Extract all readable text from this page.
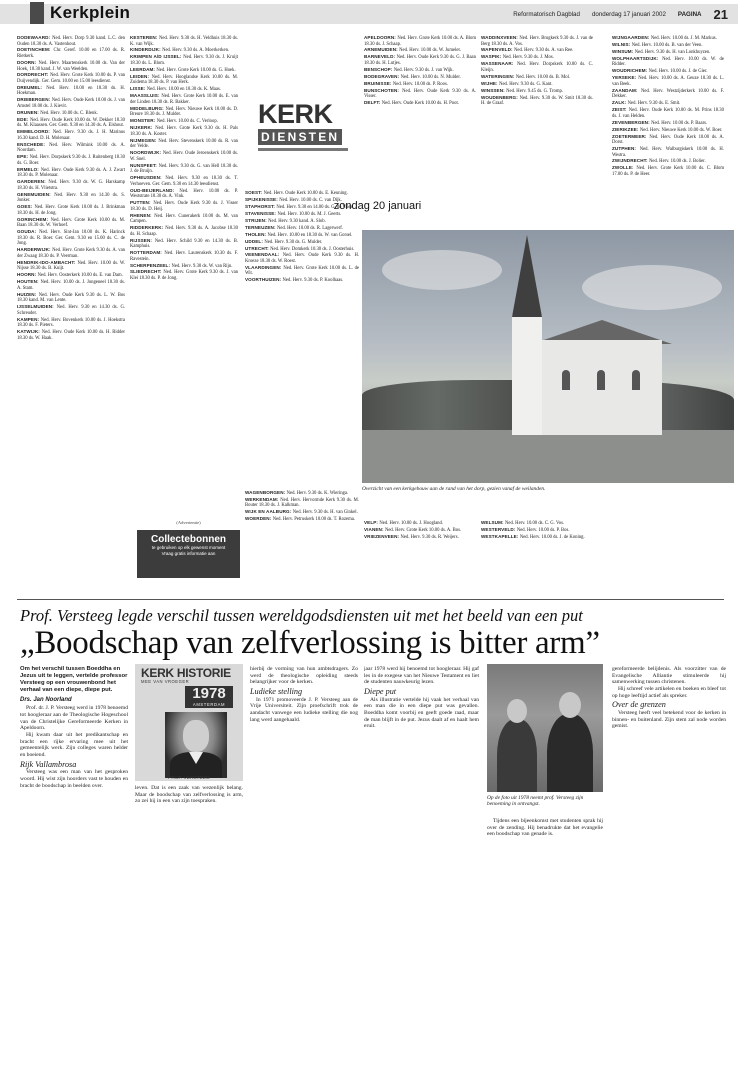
Kerkplein	Reformatorisch Dagblad donderdag 17 januari 2002 PAGINA 21

DODEWAARD: Ned. Herv. Dorp 9.30 kand. L.C. den Ouden 18.30 ds. A. Vastenhout.

DOETINCHEM: Chr. Geref. 10.00 en 17.00 ds. R. Rietkerk.

DOORN: Ned. Herv. Maartenskerk 10.00 ds. Van der Hoek, 18.30 kand. J. W. van Weelden.

DORDRECHT: Ned. Herv. Grote Kerk 10.00 ds. P. van Duijvendijk. Ger. Gem. 10.00 en 15.00 leesdienst.

DREUMEL: Ned. Herv. 10.00 en 18.30 ds. H. Hoekman.

DRIEBERGEN: Ned. Herv. Oude Kerk 10.00 ds. J. van Amstel 18.00 ds. J. Kievit.

DRUNEN: Ned. Herv. 10.00 ds. C. Blenk.

EDE: Ned. Herv. Oude Kerk 10.00 ds. W. Dekker 18.30 ds. M. Klaassen. Ger. Gem. 9.30 en 14.30 ds. A. Elshout.

EMMELOORD: Ned. Herv. 9.30 ds. J. H. Marinus 16.30 kand. D. H. Molenaar.

ENSCHEDE: Ned. Herv. Wilmink 10.00 ds. A. Noordam.

EPE: Ned. Herv. Dorpskerk 9.30 ds. J. Ruitenberg 18.30 ds. G. Boer.

ERMELO: Ned. Herv. Oude Kerk 9.30 ds. A. J. Zwart 18.30 ds. P. Molenaar.

GARDEREN: Ned. Herv. 9.30 ds. W. G. Harskamp 18.30 ds. H. Vlietstra.

GENEMUIDEN: Ned. Herv. 9.30 en 14.30 ds. S. Jonker.

GOES: Ned. Herv. Grote Kerk 10.00 ds. J. Brinkman 18.30 ds. H. de Jong.

GORINCHEM: Ned. Herv. Grote Kerk 10.00 ds. M. Baan 18.30 ds. W. Verhoef.

GOUDA: Ned. Herv. Sint-Jan 10.00 ds. K. Harinck 18.30 ds. R. Boer. Ger. Gem. 9.30 en 15.00 ds. C. de Jong.

HARDERWIJK: Ned. Herv. Grote Kerk 9.30 ds. A. van der Zwaag 18.30 ds. P. Veerman.

HENDRIK-IDO-AMBACHT: Ned. Herv. 10.00 ds. W. Nijsse 18.30 ds. B. Kuijt.

HOORN: Ned. Herv. Oosterkerk 10.00 ds. E. van Dam.

HOUTEN: Ned. Herv. 10.00 ds. J. Jongeneel 18.30 ds. A. Stam.

HUIZEN: Ned. Herv. Oude Kerk 9.30 ds. L. W. Bos 18.30 kand. M. van Lente.

IJSSELMUIDEN: Ned. Herv. 9.30 en 14.30 ds. G. Schreuder.

KAMPEN: Ned. Herv. Bovenkerk 10.00 ds. J. Hoekstra 18.30 ds. F. Pieters.

KATWIJK: Ned. Herv. Oude Kerk 10.00 ds. H. Ridder 18.30 ds. W. Haak.

KESTEREN: Ned. Herv. 9.30 ds. H. Veldhuis 18.30 ds. K. van Wijk.

KINDERDIJK: Ned. Herv. 9.30 ds. A. Moerkerken.

KRIMPEN A/D IJSSEL: Ned. Herv. 9.30 ds. J. Kruijt 18.30 ds. L. Blom.

LEERDAM: Ned. Herv. Grote Kerk 10.00 ds. G. Hoek.

LEIDEN: Ned. Herv. Hooglandse Kerk 10.00 ds. M. Zuidema 18.30 ds. P. van Herk.

LISSE: Ned. Herv. 10.00 en 18.30 ds. K. Maas.

MAASSLUIS: Ned. Herv. Grote Kerk 10.00 ds. E. van der Linden 18.30 ds. R. Bakker.

MIDDELBURG: Ned. Herv. Nieuwe Kerk 10.00 ds. D. Breure 18.30 ds. J. Mulder.

MONSTER: Ned. Herv. 10.00 ds. C. Verloop.

NIJKERK: Ned. Herv. Grote Kerk 9.30 ds. H. Pals 18.30 ds. A. Koster.

NIJMEGEN: Ned. Herv. Stevenskerk 10.00 ds. R. van der Velde.

NOORDWIJK: Ned. Herv. Oude Jeroenskerk 10.00 ds. W. Snel.

NUNSPEET: Ned. Herv. 9.30 ds. G. van Hell 18.30 ds. J. de Bruijn.

OPHEUSDEN: Ned. Herv. 9.30 en 18.30 ds. T. Verhoeven. Ger. Gem. 9.30 en 14.30 leesdienst.

OUD-BEIJERLAND: Ned. Herv. 10.00 ds. P. Weststrate 18.30 ds. A. Vink.

PUTTEN: Ned. Herv. Oude Kerk 9.30 ds. J. Visser 18.30 ds. D. Heij.

RHENEN: Ned. Herv. Cunerakerk 10.00 ds. M. van Campen.

RIDDERKERK: Ned. Herv. 9.30 ds. A. Jacobse 18.30 ds. H. Schaap.

RIJSSEN: Ned. Herv. Schild 9.30 en 14.30 ds. B. Kamphuis.

ROTTERDAM: Ned. Herv. Laurenskerk 10.30 ds. F. Ravestein.

SCHERPENZEEL: Ned. Herv. 9.30 ds. W. van Rijn.

SLIEDRECHT: Ned. Herv. Grote Kerk 9.30 ds. J. van Klei 18.30 ds. P. de Jong.

SOEST: Ned. Herv. Oude Kerk 10.00 ds. E. Keuning.

SPIJKENISSE: Ned. Herv. 10.00 ds. C. van Dijk.

STAPHORST: Ned. Herv. 9.30 en 14.00 ds. G. de Vries.

STAVENISSE: Ned. Herv. 10.00 ds. M. J. Geerts.

STRIJEN: Ned. Herv. 9.30 kand. A. Slob.

TERNEUZEN: Ned. Herv. 10.00 ds. R. Lagerwerf.

THOLEN: Ned. Herv. 10.00 en 18.30 ds. W. van Gorsel.

UDDEL: Ned. Herv. 9.30 ds. G. Mulder.

UTRECHT: Ned. Herv. Domkerk 10.30 ds. J. Oosterhuis.

VEENENDAAL: Ned. Herv. Oude Kerk 9.30 ds. H. Kroeze 18.30 ds. W. Roest.

VLAARDINGEN: Ned. Herv. Grote Kerk 10.00 ds. L. de Wit.

VOORTHUIZEN: Ned. Herv. 9.30 ds. P. Koolhaas.

WAGENBORGEN: Ned. Herv. 9.30 ds. K. Wieringa.

WERKENDAM: Ned. Herv. Hervormde Kerk 9.30 ds. M. Bouter 18.30 ds. J. Kalkman.

WIJK EN AALBURG: Ned. Herv. 9.30 ds. H. van Ginkel.

WOERDEN: Ned. Herv. Petruskerk 10.00 ds. T. Rozema.

APELDOORN: Ned. Herv. Grote Kerk 10.00 ds. A. Blom 18.30 ds. J. Schaap.

ARNEMUIDEN: Ned. Herv. 10.00 ds. W. Jumelet.

BARNEVELD: Ned. Herv. Oude Kerk 9.30 ds. G. J. Baan 18.30 ds. H. Lutjes.

BENSCHOP: Ned. Herv. 9.30 ds. J. van Wijk.

BODEGRAVEN: Ned. Herv. 10.00 ds. N. Mulder.

BRUINISSE: Ned. Herv. 10.00 ds. P. Roos.

BUNSCHOTEN: Ned. Herv. Oude Kerk 9.30 ds. A. Visser.

DELFT: Ned. Herv. Oude Kerk 10.00 ds. H. Poot.

VELP: Ned. Herv. 10.00 ds. J. Hoogland.

VIANEN: Ned. Herv. Grote Kerk 10.00 ds. A. Bos.

VRIEZENVEEN: Ned. Herv. 9.30 ds. R. Weijers.

WADDINXVEEN: Ned. Herv. Brugkerk 9.30 ds. J. van de Berg 18.30 ds. A. Vos.

WAPENVELD: Ned. Herv. 9.30 ds. A. van Ree.

WASPIK: Ned. Herv. 9.30 ds. J. Mos.

WASSENAAR: Ned. Herv. Dorpskerk 10.00 ds. C. Kleijn.

WATERINGEN: Ned. Herv. 10.00 ds. B. Mol.

WIJHE: Ned. Herv. 9.30 ds. G. Kant.

WINSSEN: Ned. Herv. 9.45 ds. G. Tromp.

WOUDENBERG: Ned. Herv. 9.30 ds. W. Smit 18.30 ds. H. de Graaf.

WELSUM: Ned. Herv. 10.00 ds. C. G. Vos.

WESTERVELD: Ned. Herv. 10.00 ds. P. Bos.

WESTKAPELLE: Ned. Herv. 10.00 ds. J. de Koning.

WIJNGAARDEN: Ned. Herv. 10.00 ds. J. M. Markus.

WILNIS: Ned. Herv. 10.00 ds. B. van der Veen.

WINSUM: Ned. Herv. 9.30 ds. H. van Lonkhuyzen.

WOLPHAARTSDIJK: Ned. Herv. 10.00 ds. W. de Ridder.

WOUDRICHEM: Ned. Herv. 10.00 ds. J. de Gier.

YERSEKE: Ned. Herv. 10.00 ds. A. Geuze 18.30 ds. L. van Beek.

ZAANDAM: Ned. Herv. Westzijderkerk 10.00 ds. F. Dekker.

ZALK: Ned. Herv. 9.30 ds. E. Smit.

ZEIST: Ned. Herv. Oude Kerk 10.00 ds. M. Prins 18.30 ds. J. van Helden.

ZEVENBERGEN: Ned. Herv. 10.00 ds. P. Baars.

ZIERIKZEE: Ned. Herv. Nieuwe Kerk 10.00 ds. W. Boer.

ZOETERMEER: Ned. Herv. Oude Kerk 10.00 ds. A. Dorst.

ZUTPHEN: Ned. Herv. Walburgiskerk 10.00 ds. H. Westra.

ZWIJNDRECHT: Ned. Herv. 10.00 ds. J. Bolier.

ZWOLLE: Ned. Herv. Grote Kerk 10.00 ds. C. Blom 17.00 ds. P. de Heer.

KERK
DIENSTEN
zondag 20 januari
Overzicht van een kerkgebouw aan de rand van het dorp, gezien vanaf de weilanden.
(Advertentie)
Collectebonnen
te gebruiken op elk gewenst moment
Vraag gratis informatie aan
Prof. Versteeg legde verschil tussen wereldgodsdiensten uit met het beeld van een put
„Boodschap van zelfverlossing is bitter arm”
Om het verschil tussen Boeddha en Jezus uit te leggen, vertelde professor Versteeg op een vrouwenbond het verhaal van een diepe, diepe put.
Drs. Jan Noorland

Prof. dr. J. P. Versteeg werd in 1978 benoemd tot hoogleraar aan de Theologische Hogeschool van de Christelijke Gereformeerde Kerken in Apeldoorn.

Hij kwam daar uit het predikantschap en bracht een rijke ervaring mee uit het gemeentelijk werk. Zijn colleges waren helder en boeiend.

Rijk Vallambrosa

Versteeg was een man van het gesproken woord. Hij wist zijn hoorders vast te houden en bracht de boodschap in beelden over.

KERK HISTORIE
MEE VAN VROEGER
1978
AMSTERDAM
PROF. VERSTEEG

leven. Dat is een zaak van wezenlijk belang. Maar de boodschap van zelfverlossing is arm, zo zei hij in een van zijn toespraken.

hierbij de vorming van hun ambtsdragers. Zo werd de theologische opleiding steeds belangrijker voor de kerken.

Ludieke stelling

In 1971 promoveerde J. P. Versteeg aan de Vrije Universiteit. Zijn proefschrift trok de aandacht vanwege een ludieke stelling die nog lang werd aangehaald.

jaar 1978 werd hij benoemd tot hoogleraar. Hij gaf les in de exegese van het Nieuwe Testament en liet de studenten nauwkeurig lezen.

Diepe put

Als illustratie vertelde hij vaak het verhaal van een man die in een diepe put was gevallen. Boeddha komt voorbij en geeft goede raad, maar de man blijft in de put. Jezus daalt af en haalt hem eruit.

Op de foto uit 1978 neemt prof. Versteeg zijn benoeming in ontvangst.

Tijdens een bijeenkomst met studenten sprak hij over de zending. Hij benadrukte dat het evangelie een boodschap van genade is.

gereformeerde belijdenis. Als voorzitter van de Evangelische Alliantie stimuleerde hij samenwerking tussen christenen.

Hij schreef vele artikelen en boeken en bleef tot op hoge leeftijd actief als spreker.

Over de grenzen

Versteeg heeft veel betekend voor de kerken in binnen- en buitenland. Zijn stem zal node worden gemist.
